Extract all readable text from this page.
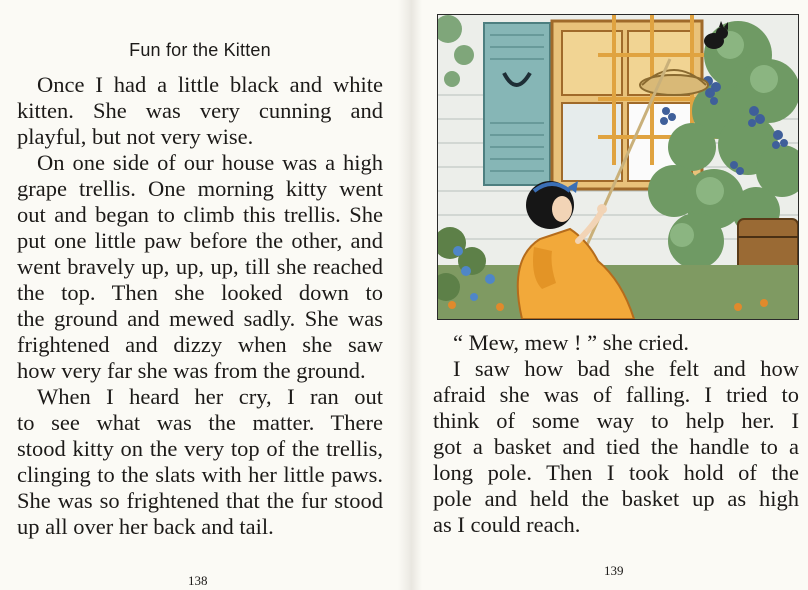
Fun for the Kitten
Once I had a little black and white
kitten. She was very cunning and
playful, but not very wise.
On one side of our house was a high
grape trellis. One morning kitty went
out and began to climb this trellis. She
put one little paw before the other, and
went bravely up, up, up, till she reached
the top. Then she looked down to
the ground and mewed sadly. She was
frightened and dizzy when she saw
how very far she was from the ground.
When I heard her cry, I ran out
to see what was the matter. There
stood kitty on the very top of the trellis,
clinging to the slats with her little paws.
She was so frightened that the fur stood
up all over her back and tail.
138
“ Mew, mew ! ” she cried.
I saw how bad she felt and how
afraid she was of falling. I tried to
think of some way to help her. I
got a basket and tied the handle to a
long pole. Then I took hold of the
pole and held the basket up as high
as I could reach.
139
